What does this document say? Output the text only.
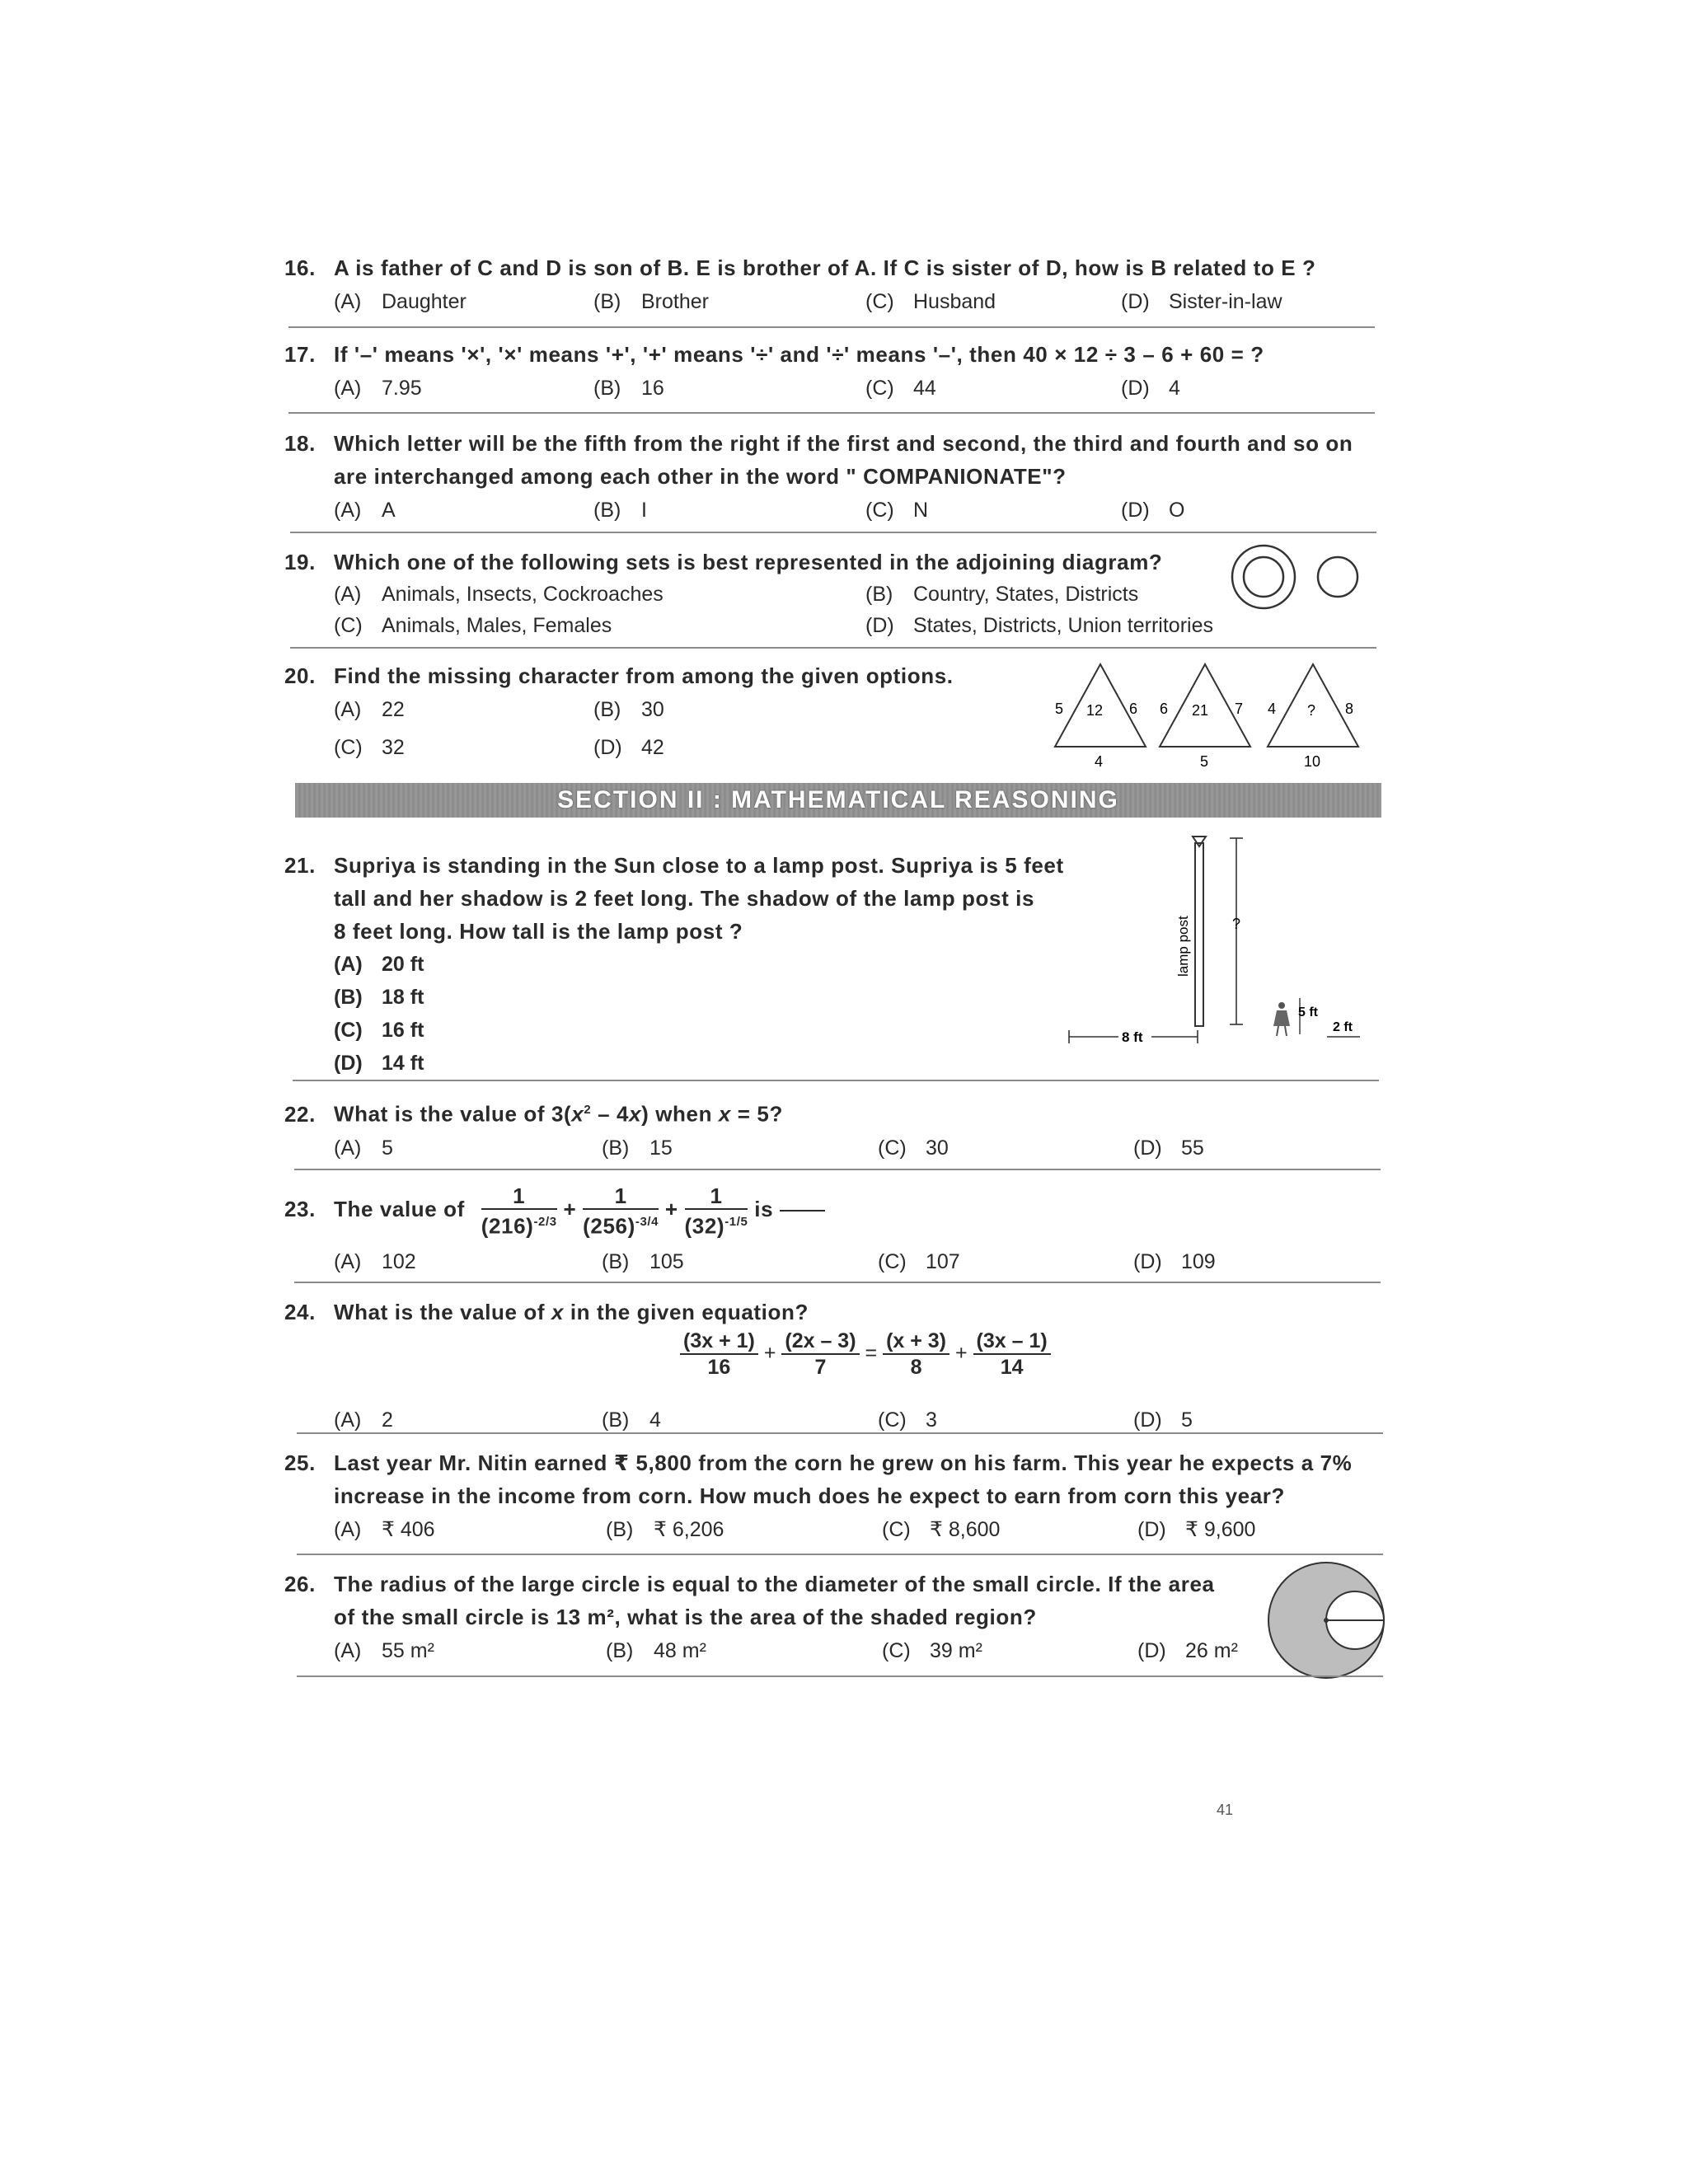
16. A is father of C and D is son of B. E is brother of A. If C is sister of D, how is B related to E ?
(A) Daughter	(B) Brother	(C) Husband	(D) Sister-in-law
17. If '–' means '×', '×' means '+', '+' means '÷' and '÷' means '–', then 40 × 12 ÷ 3 – 6 + 60 = ?
(A) 7.95	(B) 16	(C) 44	(D) 4
18. Which letter will be the fifth from the right if the first and second, the third and fourth and so on
are interchanged among each other in the word " COMPANIONATE"?
(A) A	(B) I	(C) N	(D) O
19. Which one of the following sets is best represented in the adjoining diagram?
(A) Animals, Insects, Cockroaches	(B) Country, States, Districts
(C) Animals, Males, Females	(D) States, Districts, Union territories
20. Find the missing character from among the given options.
(A) 22	(B) 30
(C) 32	(D) 42
5 12 6
4
6 21 7
5
4 ? 8
10
SECTION II : MATHEMATICAL REASONING
21. Supriya is standing in the Sun close to a lamp post. Supriya is 5 feet
tall and her shadow is 2 feet long. The shadow of the lamp post is
8 feet long. How tall is the lamp post ?
(A) 20 ft
(B) 18 ft
(C) 16 ft
(D) 14 ft
lamp post	?
8 ft
5 ft
2 ft
22. What is the value of $3(x^2 - 4x)$ when x = 5?
(A) 5	(B) 15	(C) 30	(D) 55
23. The value of $\frac{1}{(216)^{-2/3}} + \frac{1}{(256)^{-3/4}} + \frac{1}{(32)^{-1/5}}$ is
(A) 102	(B) 105	(C) 107	(D) 109
24. What is the value of x in the given equation?
$\frac{(3x + 1)}{16} + \frac{(2x - 3)}{7} = \frac{(x + 3)}{8} + \frac{(3x - 1)}{14}$
(A) 2	(B) 4	(C) 3	(D) 5
25. Last year Mr. Nitin earned ₹ 5,800 from the corn he grew on his farm. This year he expects a 7%
increase in the income from corn. How much does he expect to earn from corn this year?
(A) ₹ 406	(B) ₹ 6,206	(C) ₹ 8,600	(D) ₹ 9,600
26. The radius of the large circle is equal to the diameter of the small circle. If the area
of the small circle is 13 m², what is the area of the shaded region?
(A) 55 m²	(B) 48 m²	(C) 39 m²	(D) 26 m²
41
